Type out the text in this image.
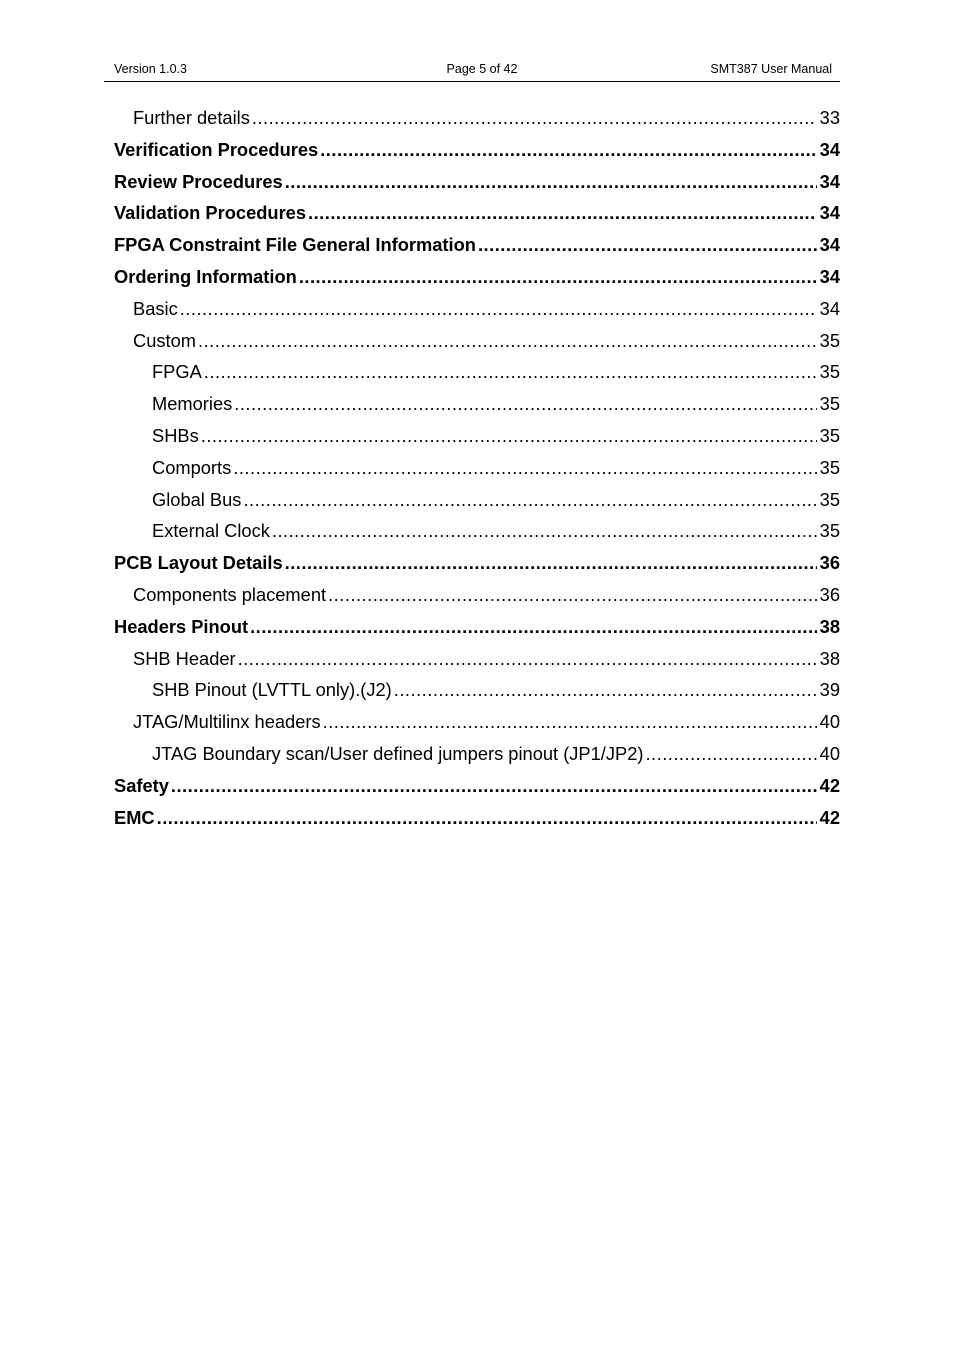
Version 1.0.3	Page 5 of 42	SMT387 User Manual
Further details .....	33
Verification Procedures .....	34
Review Procedures .....	34
Validation Procedures .....	34
FPGA Constraint File General Information .....	34
Ordering Information .....	34
Basic .....	34
Custom .....	35
FPGA .....	35
Memories .....	35
SHBs .....	35
Comports .....	35
Global Bus .....	35
External Clock .....	35
PCB Layout Details .....	36
Components placement .....	36
Headers Pinout .....	38
SHB Header .....	38
SHB Pinout (LVTTL only).(J2) .....	39
JTAG/Multilinx headers .....	40
JTAG Boundary scan/User defined jumpers pinout (JP1/JP2) .....	40
Safety .....	42
EMC .....	42
